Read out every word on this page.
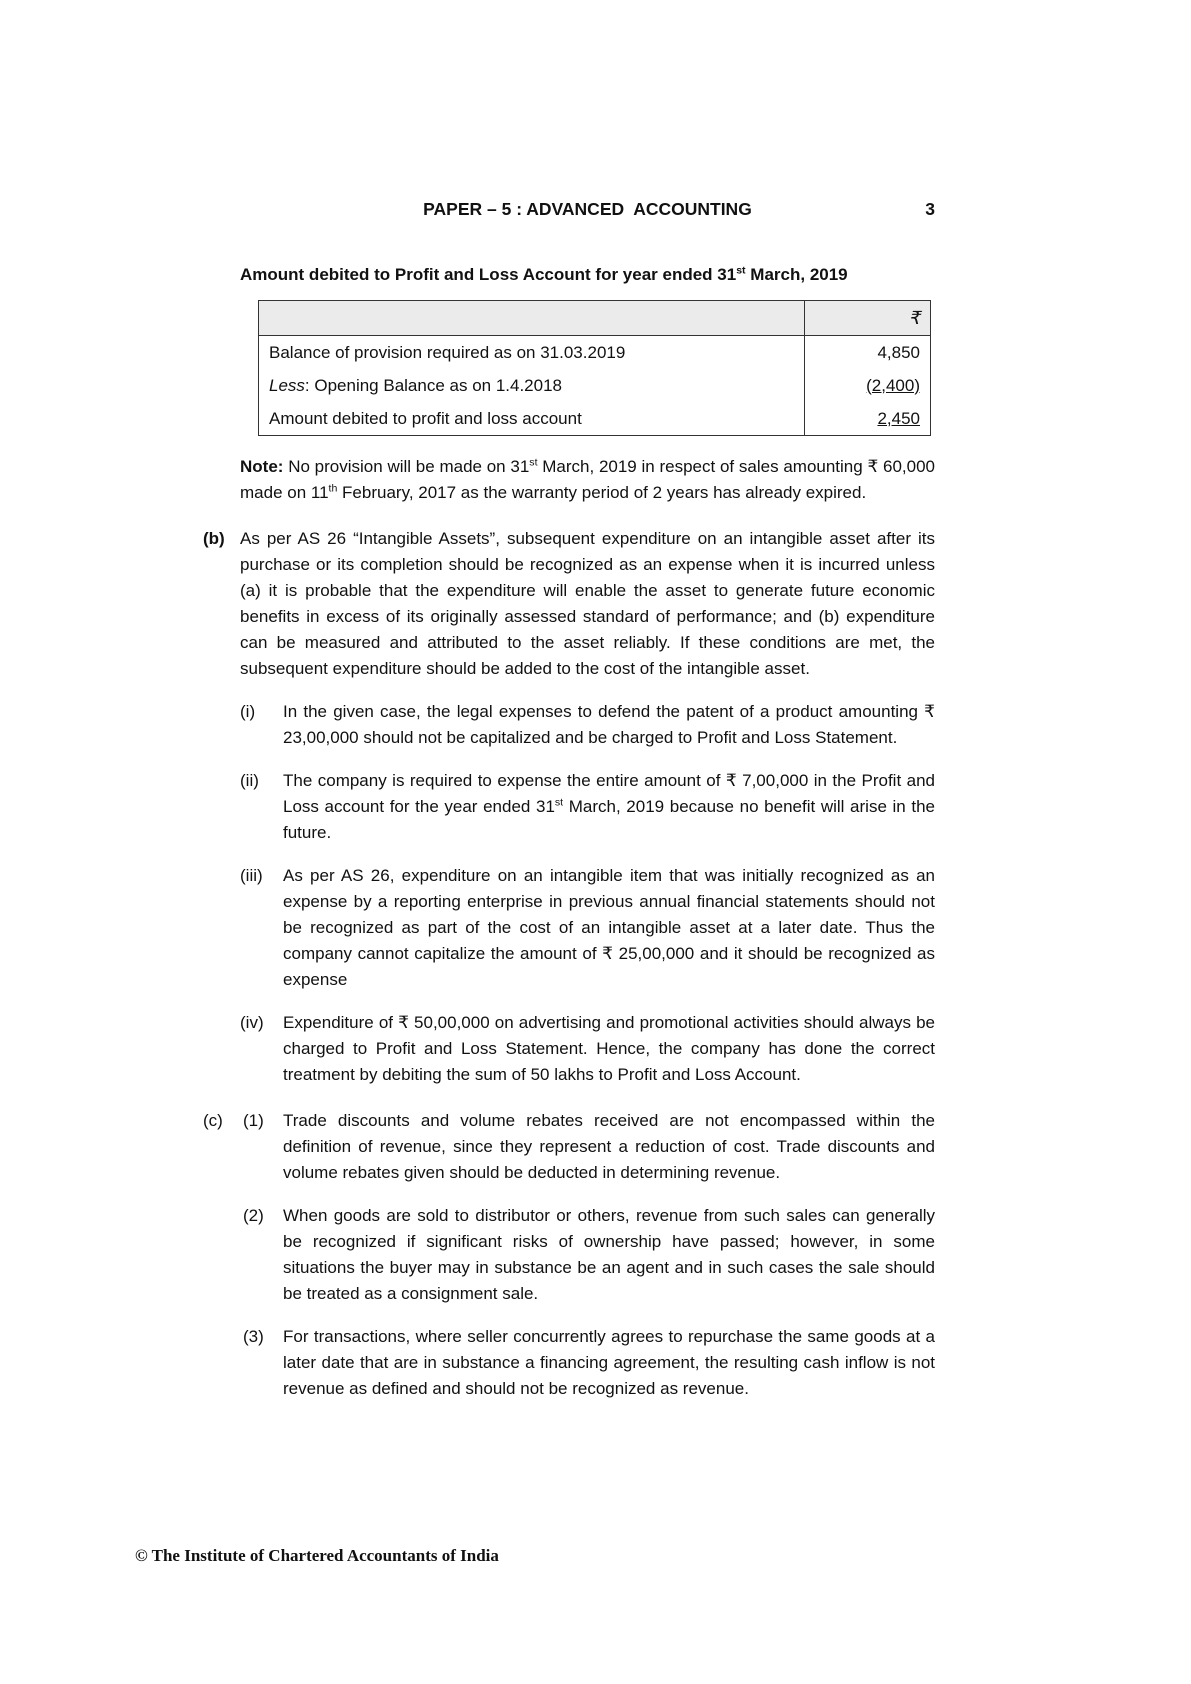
PAPER – 5 : ADVANCED  ACCOUNTING	3
Amount debited to Profit and Loss Account for year ended 31st March, 2019
	₹
Balance of provision required as on 31.03.2019	4,850
Less: Opening Balance as on 1.4.2018	(2,400)
Amount debited to profit and loss account	2,450

Note: No provision will be made on 31st March, 2019 in respect of sales amounting ₹ 60,000 made on 11th February, 2017 as the warranty period of 2 years has already expired.

(b) As per AS 26 “Intangible Assets”, subsequent expenditure on an intangible asset after its purchase or its completion should be recognized as an expense when it is incurred unless (a) it is probable that the expenditure will enable the asset to generate future economic benefits in excess of its originally assessed standard of performance; and (b) expenditure can be measured and attributed to the asset reliably. If these conditions are met, the subsequent expenditure should be added to the cost of the intangible asset.
(i)	In the given case, the legal expenses to defend the patent of a product amounting ₹ 23,00,000 should not be capitalized and be charged to Profit and Loss Statement.
(ii)	The company is required to expense the entire amount of ₹ 7,00,000 in the Profit and Loss account for the year ended 31st March, 2019 because no benefit will arise in the future.
(iii)	As per AS 26, expenditure on an intangible item that was initially recognized as an expense by a reporting enterprise in previous annual financial statements should not be recognized as part of the cost of an intangible asset at a later date. Thus the company cannot capitalize the amount of ₹ 25,00,000 and it should be recognized as expense
(iv)	Expenditure of ₹ 50,00,000 on advertising and promotional activities should always be charged to Profit and Loss Statement. Hence, the company has done the correct treatment by debiting the sum of 50 lakhs to Profit and Loss Account.
(c)	(1)	Trade discounts and volume rebates received are not encompassed within the definition of revenue, since they represent a reduction of cost. Trade discounts and volume rebates given should be deducted in determining revenue.
(2)	When goods are sold to distributor or others, revenue from such sales can generally be recognized if significant risks of ownership have passed; however, in some situations the buyer may in substance be an agent and in such cases the sale should be treated as a consignment sale.
(3)	For transactions, where seller concurrently agrees to repurchase the same goods at a later date that are in substance a financing agreement, the resulting cash inflow is not revenue as defined and should not be recognized as revenue.
© The Institute of Chartered Accountants of India
